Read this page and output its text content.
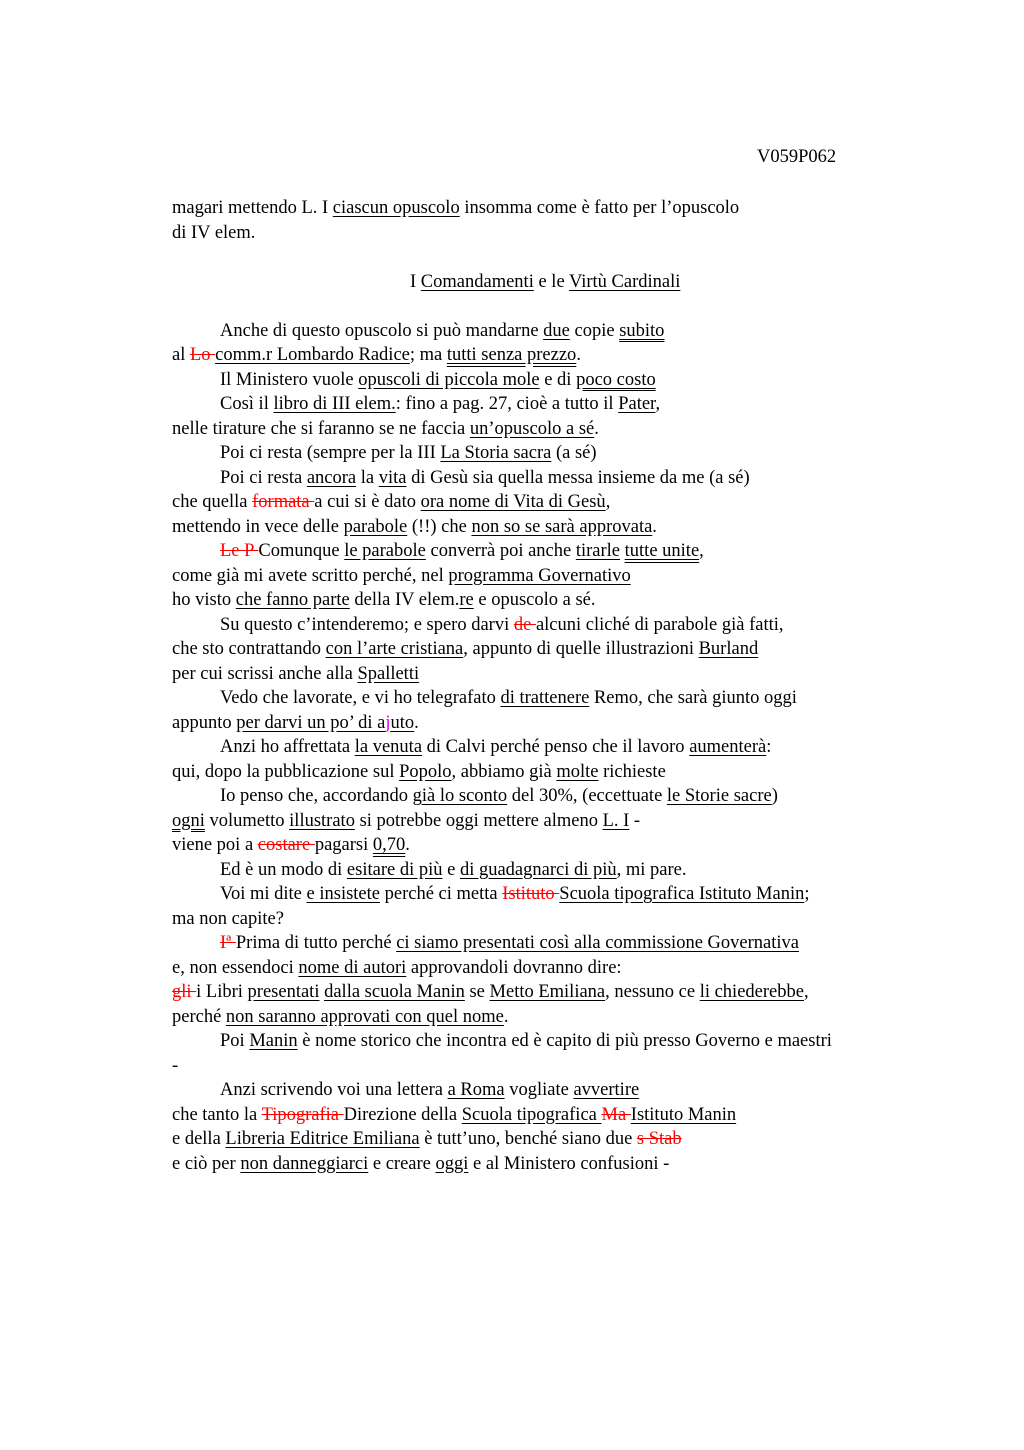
V059P062
magari mettendo L. I ciascun opuscolo insomma come è fatto per l’opuscolo
di IV elem.
I Comandamenti e le Virtù Cardinali
Anche di questo opuscolo si può mandarne due copie subito
al Lo comm.r Lombardo Radice; ma tutti senza prezzo.
Il Ministero vuole opuscoli di piccola mole e di poco costo
Così il libro di III elem.: fino a pag. 27, cioè a tutto il Pater,
nelle tirature che si faranno se ne faccia un’opuscolo a sé.
Poi ci resta (sempre per la III La Storia sacra (a sé)
Poi ci resta ancora la vita di Gesù sia quella messa insieme da me (a sé)
che quella formata a cui si è dato ora nome di Vita di Gesù,
mettendo in vece delle parabole (!!) che non so se sarà approvata.
Le P Comunque le parabole converrà poi anche tirarle tutte unite,
come già mi avete scritto perché, nel programma Governativo
ho visto che fanno parte della IV elem.re e opuscolo a sé.
Su questo c’intenderemo; e spero darvi de alcuni cliché di parabole già fatti,
che sto contrattando con l’arte cristiana, appunto di quelle illustrazioni Burland
per cui scrissi anche alla Spalletti
Vedo che lavorate, e vi ho telegrafato di trattenere Remo, che sarà giunto oggi
appunto per darvi un po’ di ajuto.
Anzi ho affrettata la venuta di Calvi perché penso che il lavoro aumenterà:
qui, dopo la pubblicazione sul Popolo, abbiamo già molte richieste
Io penso che, accordando già lo sconto del 30%, (eccettuate le Storie sacre)
ogni volumetto illustrato si potrebbe oggi mettere almeno L. I -
viene poi a costare pagarsi 0,70.
Ed è un modo di esitare di più e di guadagnarci di più, mi pare.
Voi mi dite e insistete perché ci metta Istituto Scuola tipografica Istituto Manin;
ma non capite?
Iª Prima di tutto perché ci siamo presentati così alla commissione Governativa
e, non essendoci nome di autori approvandoli dovranno dire:
gli i Libri presentati dalla scuola Manin se Metto Emiliana, nessuno ce li chiederebbe,
perché non saranno approvati con quel nome.
Poi Manin è nome storico che incontra ed è capito di più presso Governo e maestri
-
Anzi scrivendo voi una lettera a Roma vogliate avvertire
che tanto la Tipografia Direzione della Scuola tipografica Ma Istituto Manin
e della Libreria Editrice Emiliana è tutt’uno, benché siano due s Stab
e ciò per non danneggiarci e creare oggi e al Ministero confusioni -
